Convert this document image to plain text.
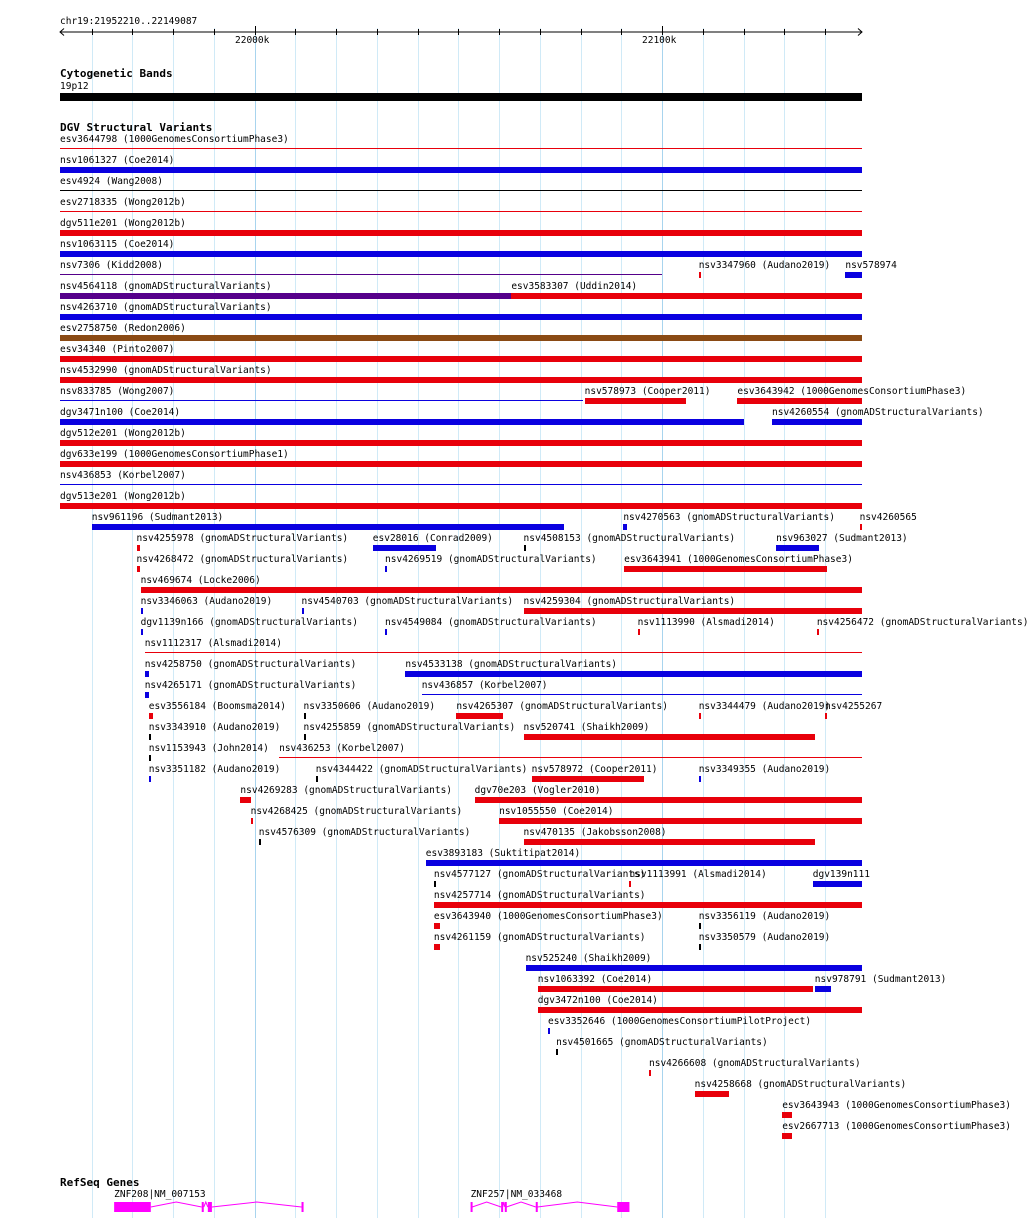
chr19:21952210..22149087
22000k	22100k
Cytogenetic Bands
19p12
DGV Structural Variants
esv3644798 (1000GenomesConsortiumPhase3)
nsv1061327 (Coe2014)
esv4924 (Wang2008)
esv2718335 (Wong2012b)
dgv511e201 (Wong2012b)
nsv1063115 (Coe2014)
nsv7306 (Kidd2008)	nsv3347960 (Audano2019) nsv578974
nsv4564118 (gnomADStructuralVariants)	esv3583307 (Uddin2014)
nsv4263710 (gnomADStructuralVariants)
esv2758750 (Redon2006)
esv34340 (Pinto2007)
nsv4532990 (gnomADStructuralVariants)
nsv833785 (Wong2007)	nsv578973 (Cooper2011)	esv3643942 (1000GenomesConsortiumPhase3)
dgv3471n100 (Coe2014)	nsv4260554 (gnomADStructuralVariants)
dgv512e201 (Wong2012b)
dgv633e199 (1000GenomesConsortiumPhase1)
nsv436853 (Korbel2007)
dgv513e201 (Wong2012b)
nsv961196 (Sudmant2013)	nsv4270563 (gnomADStructuralVariants)	nsv4260565
nsv4255978 (gnomADStructuralVariants)	esv28016 (Conrad2009)	nsv4508153 (gnomADStructuralVariants)	nsv963027 (Sudmant2013)
nsv4268472 (gnomADStructuralVariants)	nsv4269519 (gnomADStructuralVariants)	esv3643941 (1000GenomesConsortiumPhase3)
nsv469674 (Locke2006)
nsv3346063 (Audano2019)	nsv4540703 (gnomADStructuralVariants) nsv4259304 (gnomADStructuralVariants)
dgv1139n166 (gnomADStructuralVariants)	nsv4549084 (gnomADStructuralVariants)	nsv1113990 (Alsmadi2014)	nsv4256472 (gnomADStructuralVariants)
nsv1112317 (Alsmadi2014)
nsv4258750 (gnomADStructuralVariants)	nsv4533138 (gnomADStructuralVariants)
nsv4265171 (gnomADStructuralVariants)	nsv436857 (Korbel2007)
esv3556184 (Boomsma2014) nsv3350606 (Audano2019) nsv4265307 (gnomADStructuralVariants)	nsv3344479 (Audano2019)
nsv4255267
nsv3343910 (Audano2019) nsv4255859 (gnomADStructuralVariants) nsv520741 (Shaikh2009)
nsv1153943 (John2014) nsv436253 (Korbel2007)
nsv3351182 (Audano2019)	nsv4344422 (gnomADStructuralVariants) nsv578972 (Cooper2011)	nsv3349355 (Audano2019)
nsv4269283 (gnomADStructuralVariants) dgv70e203 (Vogler2010)
nsv4268425 (gnomADStructuralVariants)	nsv1055550 (Coe2014)
nsv4576309 (gnomADStructuralVariants)	nsv470135 (Jakobsson2008)
esv3893183 (Suktitipat2014)
nsv4577127 (gnomADStructuralVariants)
nsv1113991 (Alsmadi2014)	dgv139n111
nsv4257714 (gnomADStructuralVariants)
esv3643940 (1000GenomesConsortiumPhase3)	nsv3356119 (Audano2019)
nsv4261159 (gnomADStructuralVariants)	nsv3350579 (Audano2019)
nsv525240 (Shaikh2009)
nsv1063392 (Coe2014)	nsv978791 (Sudmant2013)
dgv3472n100 (Coe2014)
esv3352646 (1000GenomesConsortiumPilotProject)
nsv4501665 (gnomADStructuralVariants)
nsv4266608 (gnomADStructuralVariants)
nsv4258668 (gnomADStructuralVariants)
esv3643943 (1000GenomesConsortiumPhase3)
esv2667713 (1000GenomesConsortiumPhase3)
RefSeq Genes
ZNF208|NM_007153	ZNF257|NM_033468
